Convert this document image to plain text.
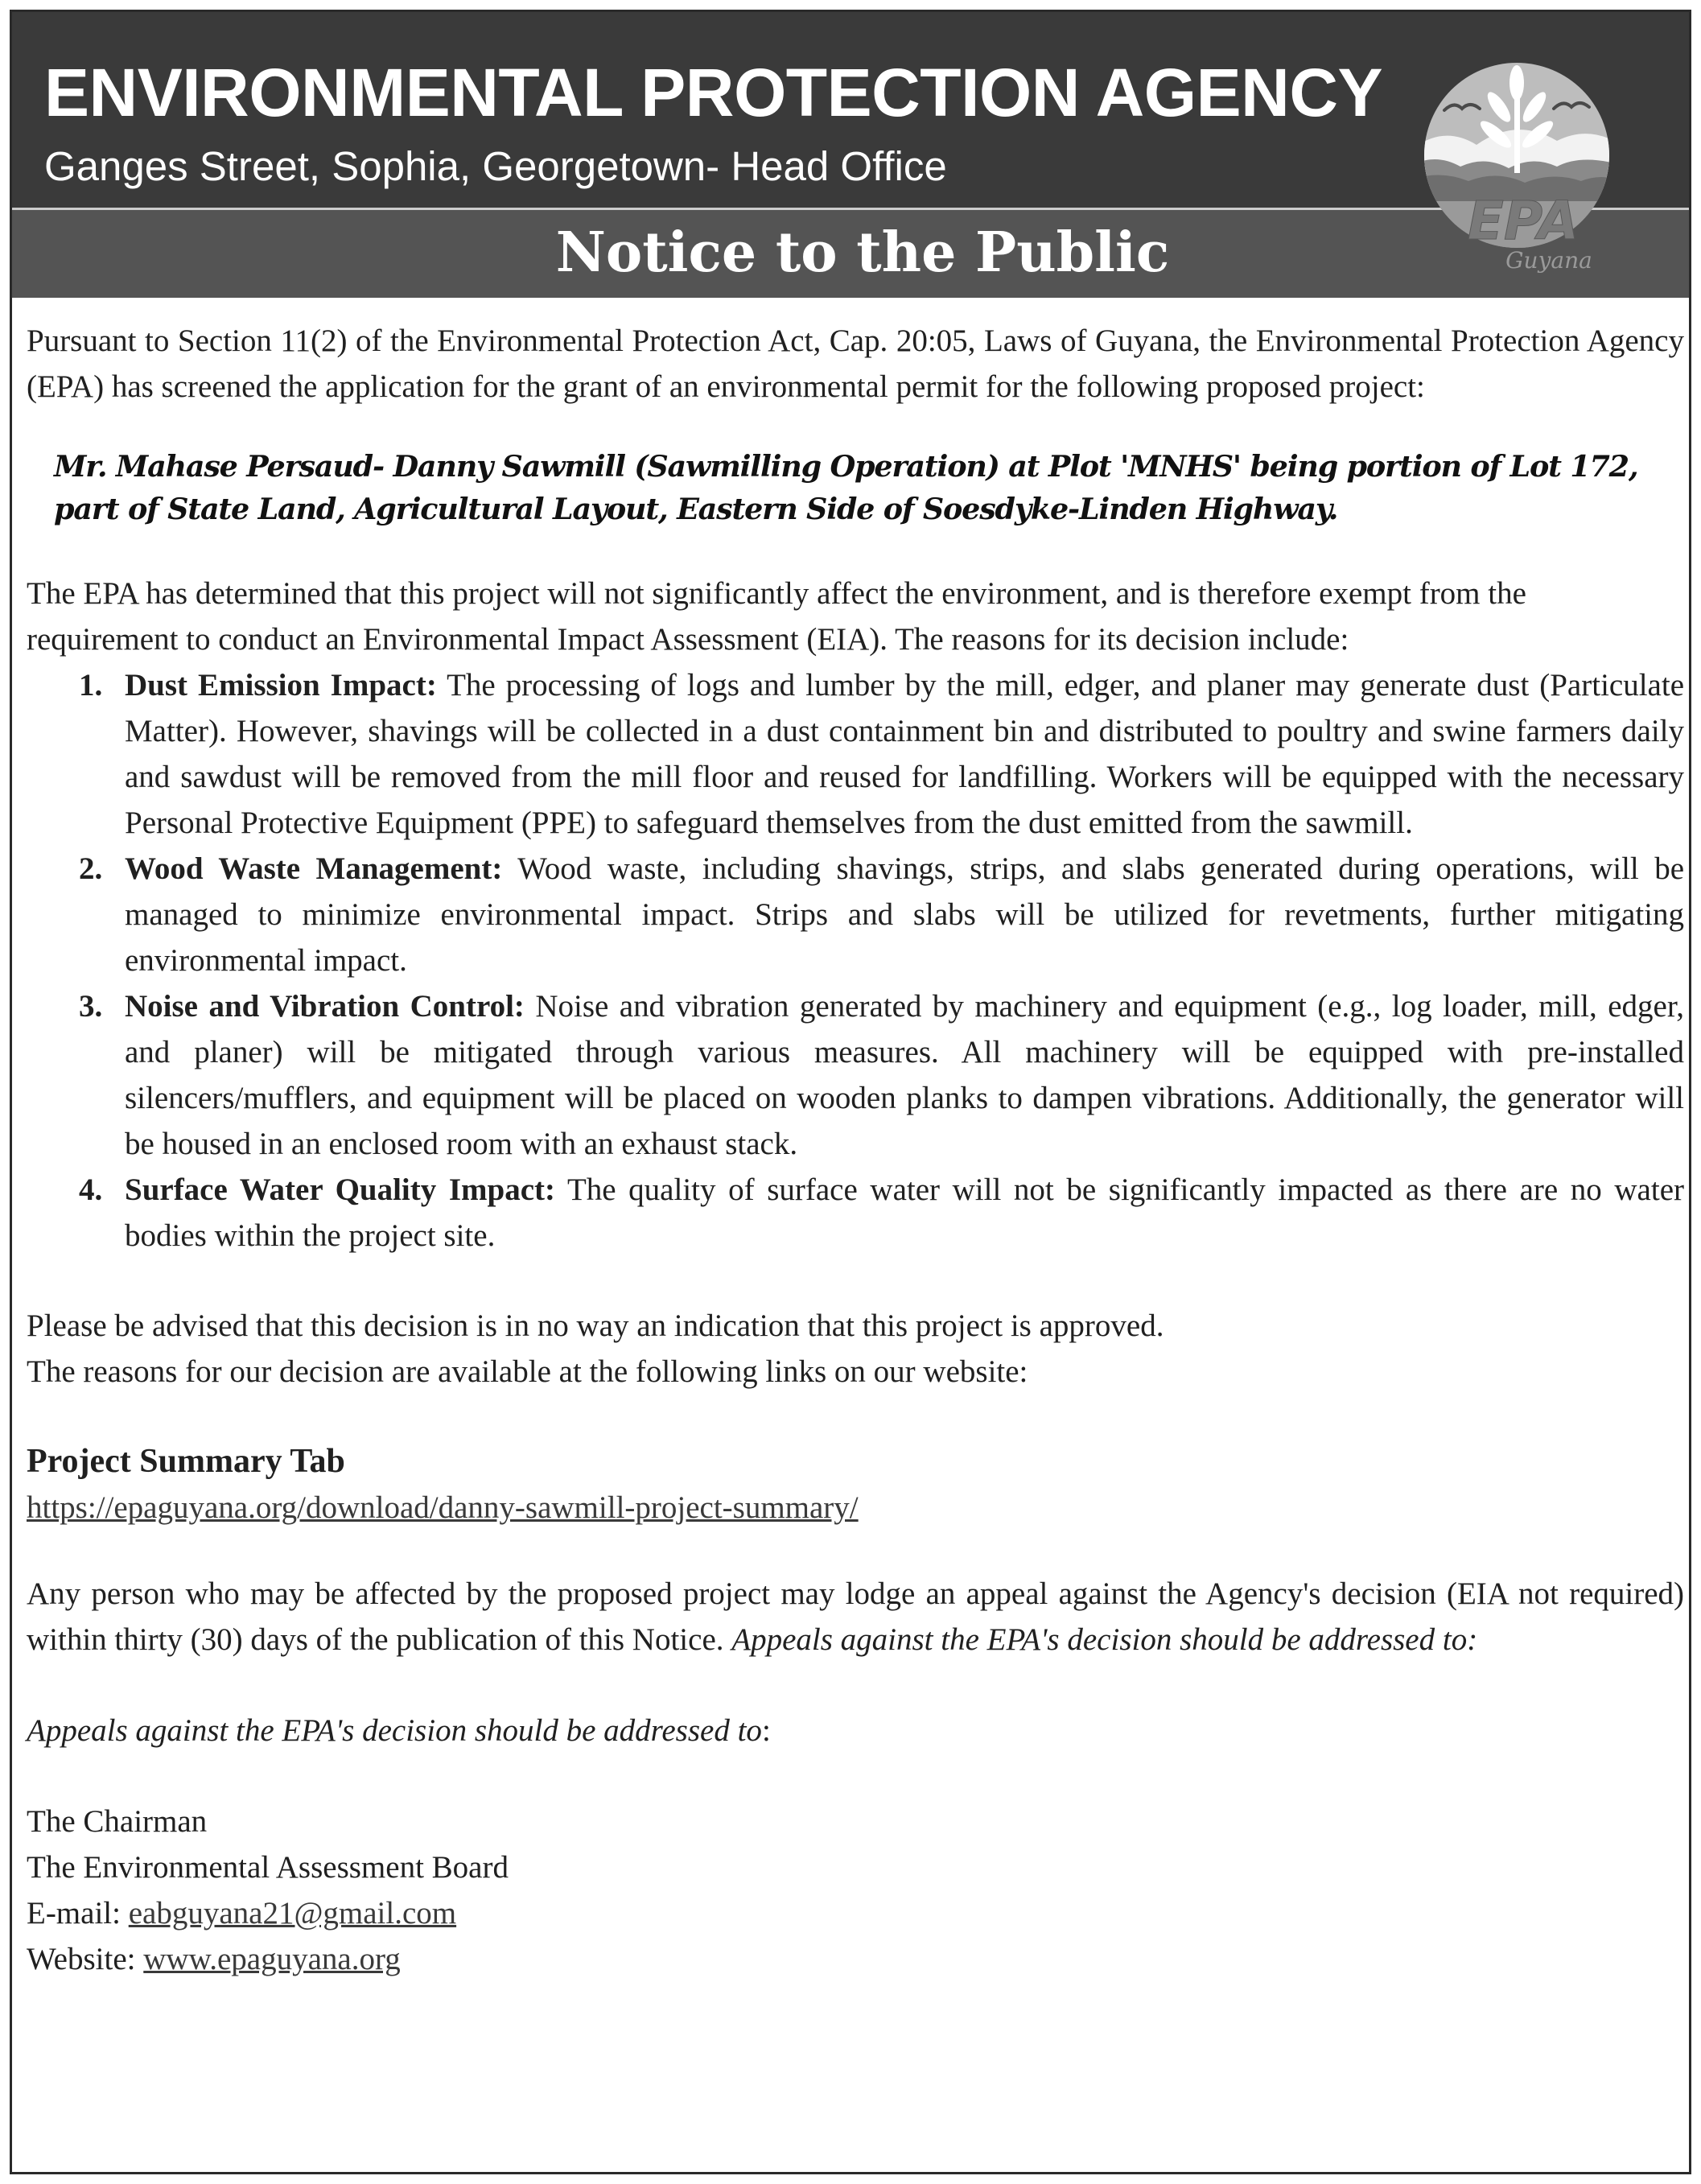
ENVIRONMENTAL PROTECTION AGENCY
Ganges Street, Sophia, Georgetown- Head Office
Notice to the Public	EPA
Guyana

Pursuant to Section 11(2) of the Environmental Protection Act, Cap. 20:05, Laws of Guyana, the Environmental Protection Agency (EPA) has screened the application for the grant of an environmental permit for the following proposed project:

Mr. Mahase Persaud- Danny Sawmill (Sawmilling Operation) at Plot 'MNHS' being portion of Lot 172, part of State Land, Agricultural Layout, Eastern Side of Soesdyke-Linden Highway.

The EPA has determined that this project will not significantly affect the environment, and is therefore exempt from the requirement to conduct an Environmental Impact Assessment (EIA). The reasons for its decision include:

1. Dust Emission Impact: The processing of logs and lumber by the mill, edger, and planer may generate dust (Particulate Matter). However, shavings will be collected in a dust containment bin and distributed to poultry and swine farmers daily and sawdust will be removed from the mill floor and reused for landfilling. Workers will be equipped with the necessary Personal Protective Equipment (PPE) to safeguard themselves from the dust emitted from the sawmill.
2. Wood Waste Management: Wood waste, including shavings, strips, and slabs generated during operations, will be managed to minimize environmental impact. Strips and slabs will be utilized for revetments, further mitigating environmental impact.
3. Noise and Vibration Control: Noise and vibration generated by machinery and equipment (e.g., log loader, mill, edger, and planer) will be mitigated through various measures. All machinery will be equipped with pre-installed silencers/mufflers, and equipment will be placed on wooden planks to dampen vibrations. Additionally, the generator will be housed in an enclosed room with an exhaust stack.
4. Surface Water Quality Impact: The quality of surface water will not be significantly impacted as there are no water bodies within the project site.

Please be advised that this decision is in no way an indication that this project is approved.

The reasons for our decision are available at the following links on our website:

Project Summary Tab

https://epaguyana.org/download/danny-sawmill-project-summary/

Any person who may be affected by the proposed project may lodge an appeal against the Agency's decision (EIA not required) within thirty (30) days of the publication of this Notice. Appeals against the EPA's decision should be addressed to:

Appeals against the EPA's decision should be addressed to:

The Chairman

The Environmental Assessment Board

E-mail: eabguyana21@gmail.com

Website: www.epaguyana.org
